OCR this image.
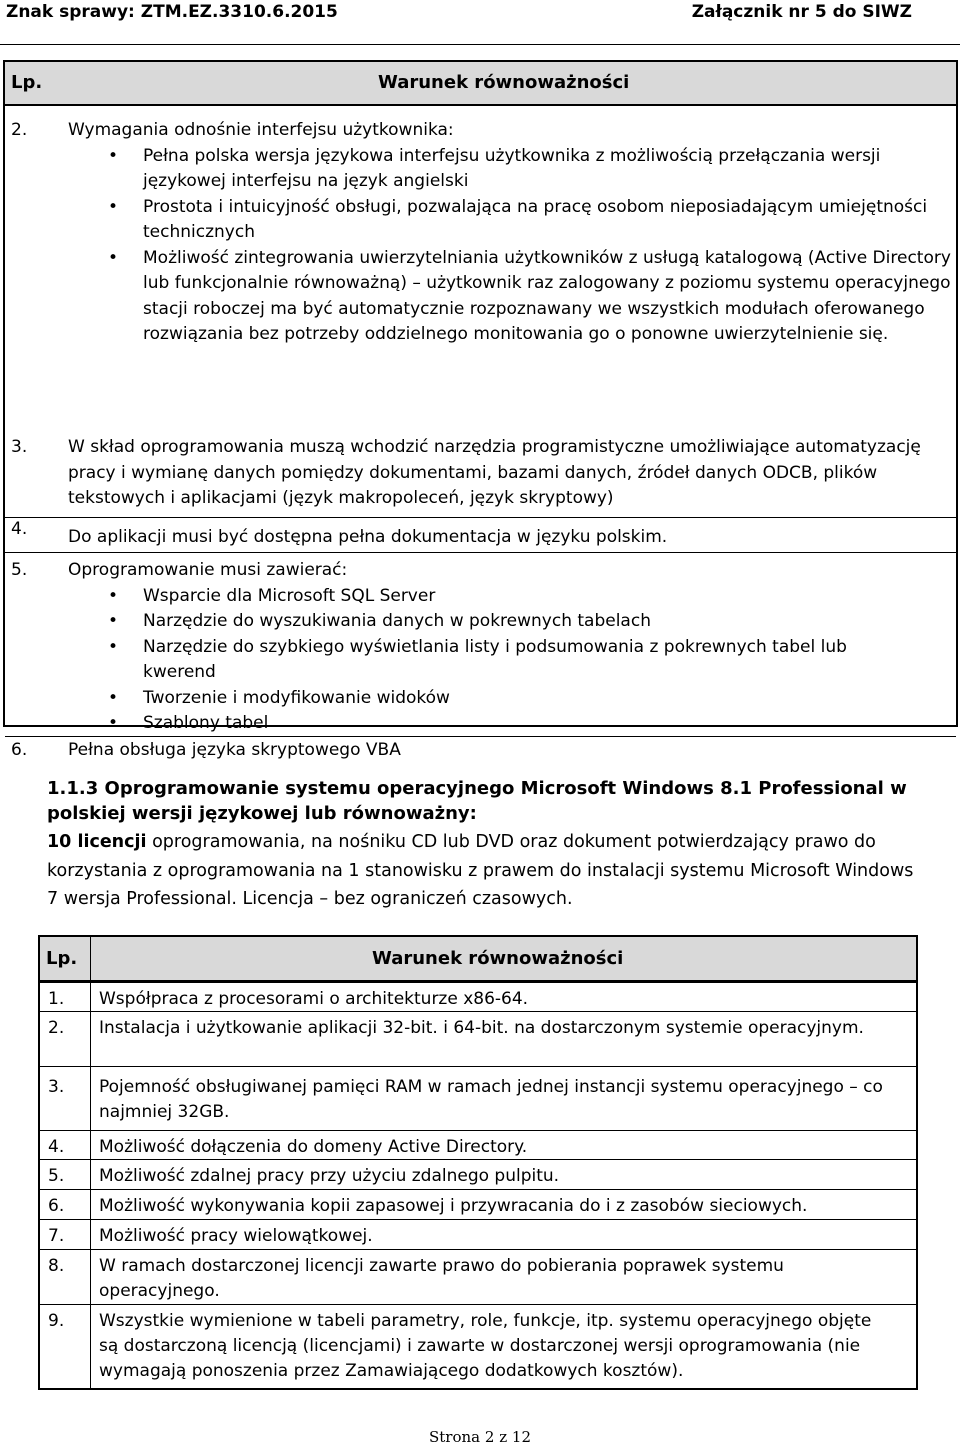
Znak sprawy: ZTM.EZ.3310.6.2015	Załącznik nr 5 do SIWZ
Lp.	Warunek równoważności
2. Wymagania odnośnie interfejsu użytkownika:
• Pełna polska wersja językowa interfejsu użytkownika z możliwością przełączania wersji językowej interfejsu na język angielski
• Prostota i intuicyjność obsługi, pozwalająca na pracę osobom nieposiadającym umiejętności technicznych
• Możliwość zintegrowania uwierzytelniania użytkowników z usługą katalogową (Active Directory lub funkcjonalnie równoważną) – użytkownik raz zalogowany z poziomu systemu operacyjnego stacji roboczej ma być automatycznie rozpoznawany we wszystkich modułach oferowanego rozwiązania bez potrzeby oddzielnego monitowania go o ponowne uwierzytelnienie się.
3. W skład oprogramowania muszą wchodzić narzędzia programistyczne umożliwiające automatyzację pracy i wymianę danych pomiędzy dokumentami, bazami danych, źródeł danych ODCB, plików tekstowych i aplikacjami (język makropoleceń, język skryptowy)
4. Do aplikacji musi być dostępna pełna dokumentacja w języku polskim.
5. Oprogramowanie musi zawierać:
• Wsparcie dla Microsoft SQL Server
• Narzędzie do wyszukiwania danych w pokrewnych tabelach
• Narzędzie do szybkiego wyświetlania listy i podsumowania z pokrewnych tabel lub kwerend
• Tworzenie i modyfikowanie widoków
• Szablony tabel
6. Pełna obsługa języka skryptowego VBA
1.1.3 Oprogramowanie systemu operacyjnego Microsoft Windows 8.1 Professional w polskiej wersji językowej lub równoważny:
10 licencji oprogramowania, na nośniku CD lub DVD oraz dokument potwierdzający prawo do korzystania z oprogramowania na 1 stanowisku z prawem do instalacji systemu Microsoft Windows 7 wersja Professional. Licencja – bez ograniczeń czasowych.
Lp.	Warunek równoważności
1. Współpraca z procesorami o architekturze x86-64.
2. Instalacja i użytkowanie aplikacji 32-bit. i 64-bit. na dostarczonym systemie operacyjnym.
3. Pojemność obsługiwanej pamięci RAM w ramach jednej instancji systemu operacyjnego – co najmniej 32GB.
4. Możliwość dołączenia do domeny Active Directory.
5. Możliwość zdalnej pracy przy użyciu zdalnego pulpitu.
6. Możliwość wykonywania kopii zapasowej i przywracania do i z zasobów sieciowych.
7. Możliwość pracy wielowątkowej.
8. W ramach dostarczonej licencji zawarte prawo do pobierania poprawek systemu operacyjnego.
9. Wszystkie wymienione w tabeli parametry, role, funkcje, itp. systemu operacyjnego objęte są dostarczoną licencją (licencjami) i zawarte w dostarczonej wersji oprogramowania (nie wymagają ponoszenia przez Zamawiającego dodatkowych kosztów).
Strona 2 z 12
